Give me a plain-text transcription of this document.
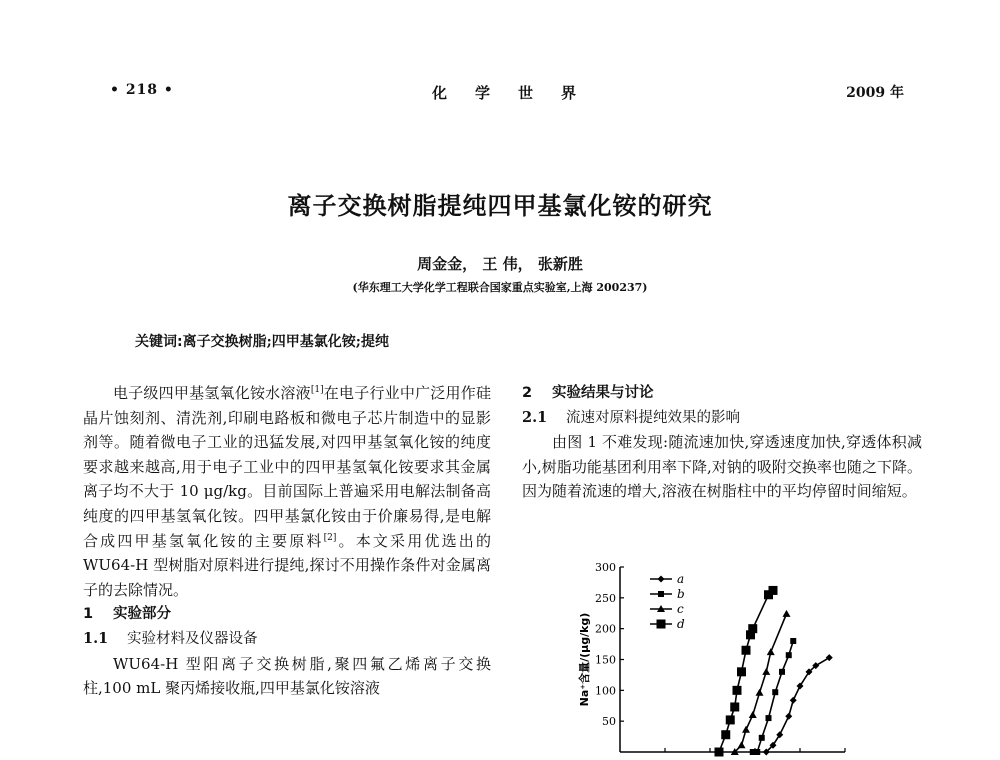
• 218 •	化学世界	2009 年
离子交换树脂提纯四甲基氯化铵的研究
周金金， 王 伟， 张新胜
(华东理工大学化学工程联合国家重点实验室,上海 200237)
关键词:离子交换树脂;四甲基氯化铵;提纯

电子级四甲基氢氧化铵水溶液[1]在电子行业中广泛用作硅晶片蚀刻剂、清洗剂,印刷电路板和微电子芯片制造中的显影剂等。随着微电子工业的迅猛发展,对四甲基氢氧化铵的纯度要求越来越高,用于电子工业中的四甲基氢氧化铵要求其金属离子均不大于 10 μg/kg。目前国际上普遍采用电解法制备高纯度的四甲基氢氧化铵。四甲基氯化铵由于价廉易得,是电解合成四甲基氢氧化铵的主要原料[2]。本文采用优选出的 WU64-H 型树脂对原料进行提纯,探讨不用操作条件对金属离子的去除情况。

1 实验部分

1.1 实验材料及仪器设备

WU64-H 型阳离子交换树脂,聚四氟乙烯离子交换柱,100 mL 聚丙烯接收瓶,四甲基氯化铵溶液

2 实验结果与讨论

2.1 流速对原料提纯效果的影响

由图 1 不难发现:随流速加快,穿透速度加快,穿透体积减小,树脂功能基团利用率下降,对钠的吸附交换率也随之下降。因为随着流速的增大,溶液在树脂柱中的平均停留时间缩短。

50
100
150
200
250
300
Na⁺含量/(μg/kg)
a
b
c
d
